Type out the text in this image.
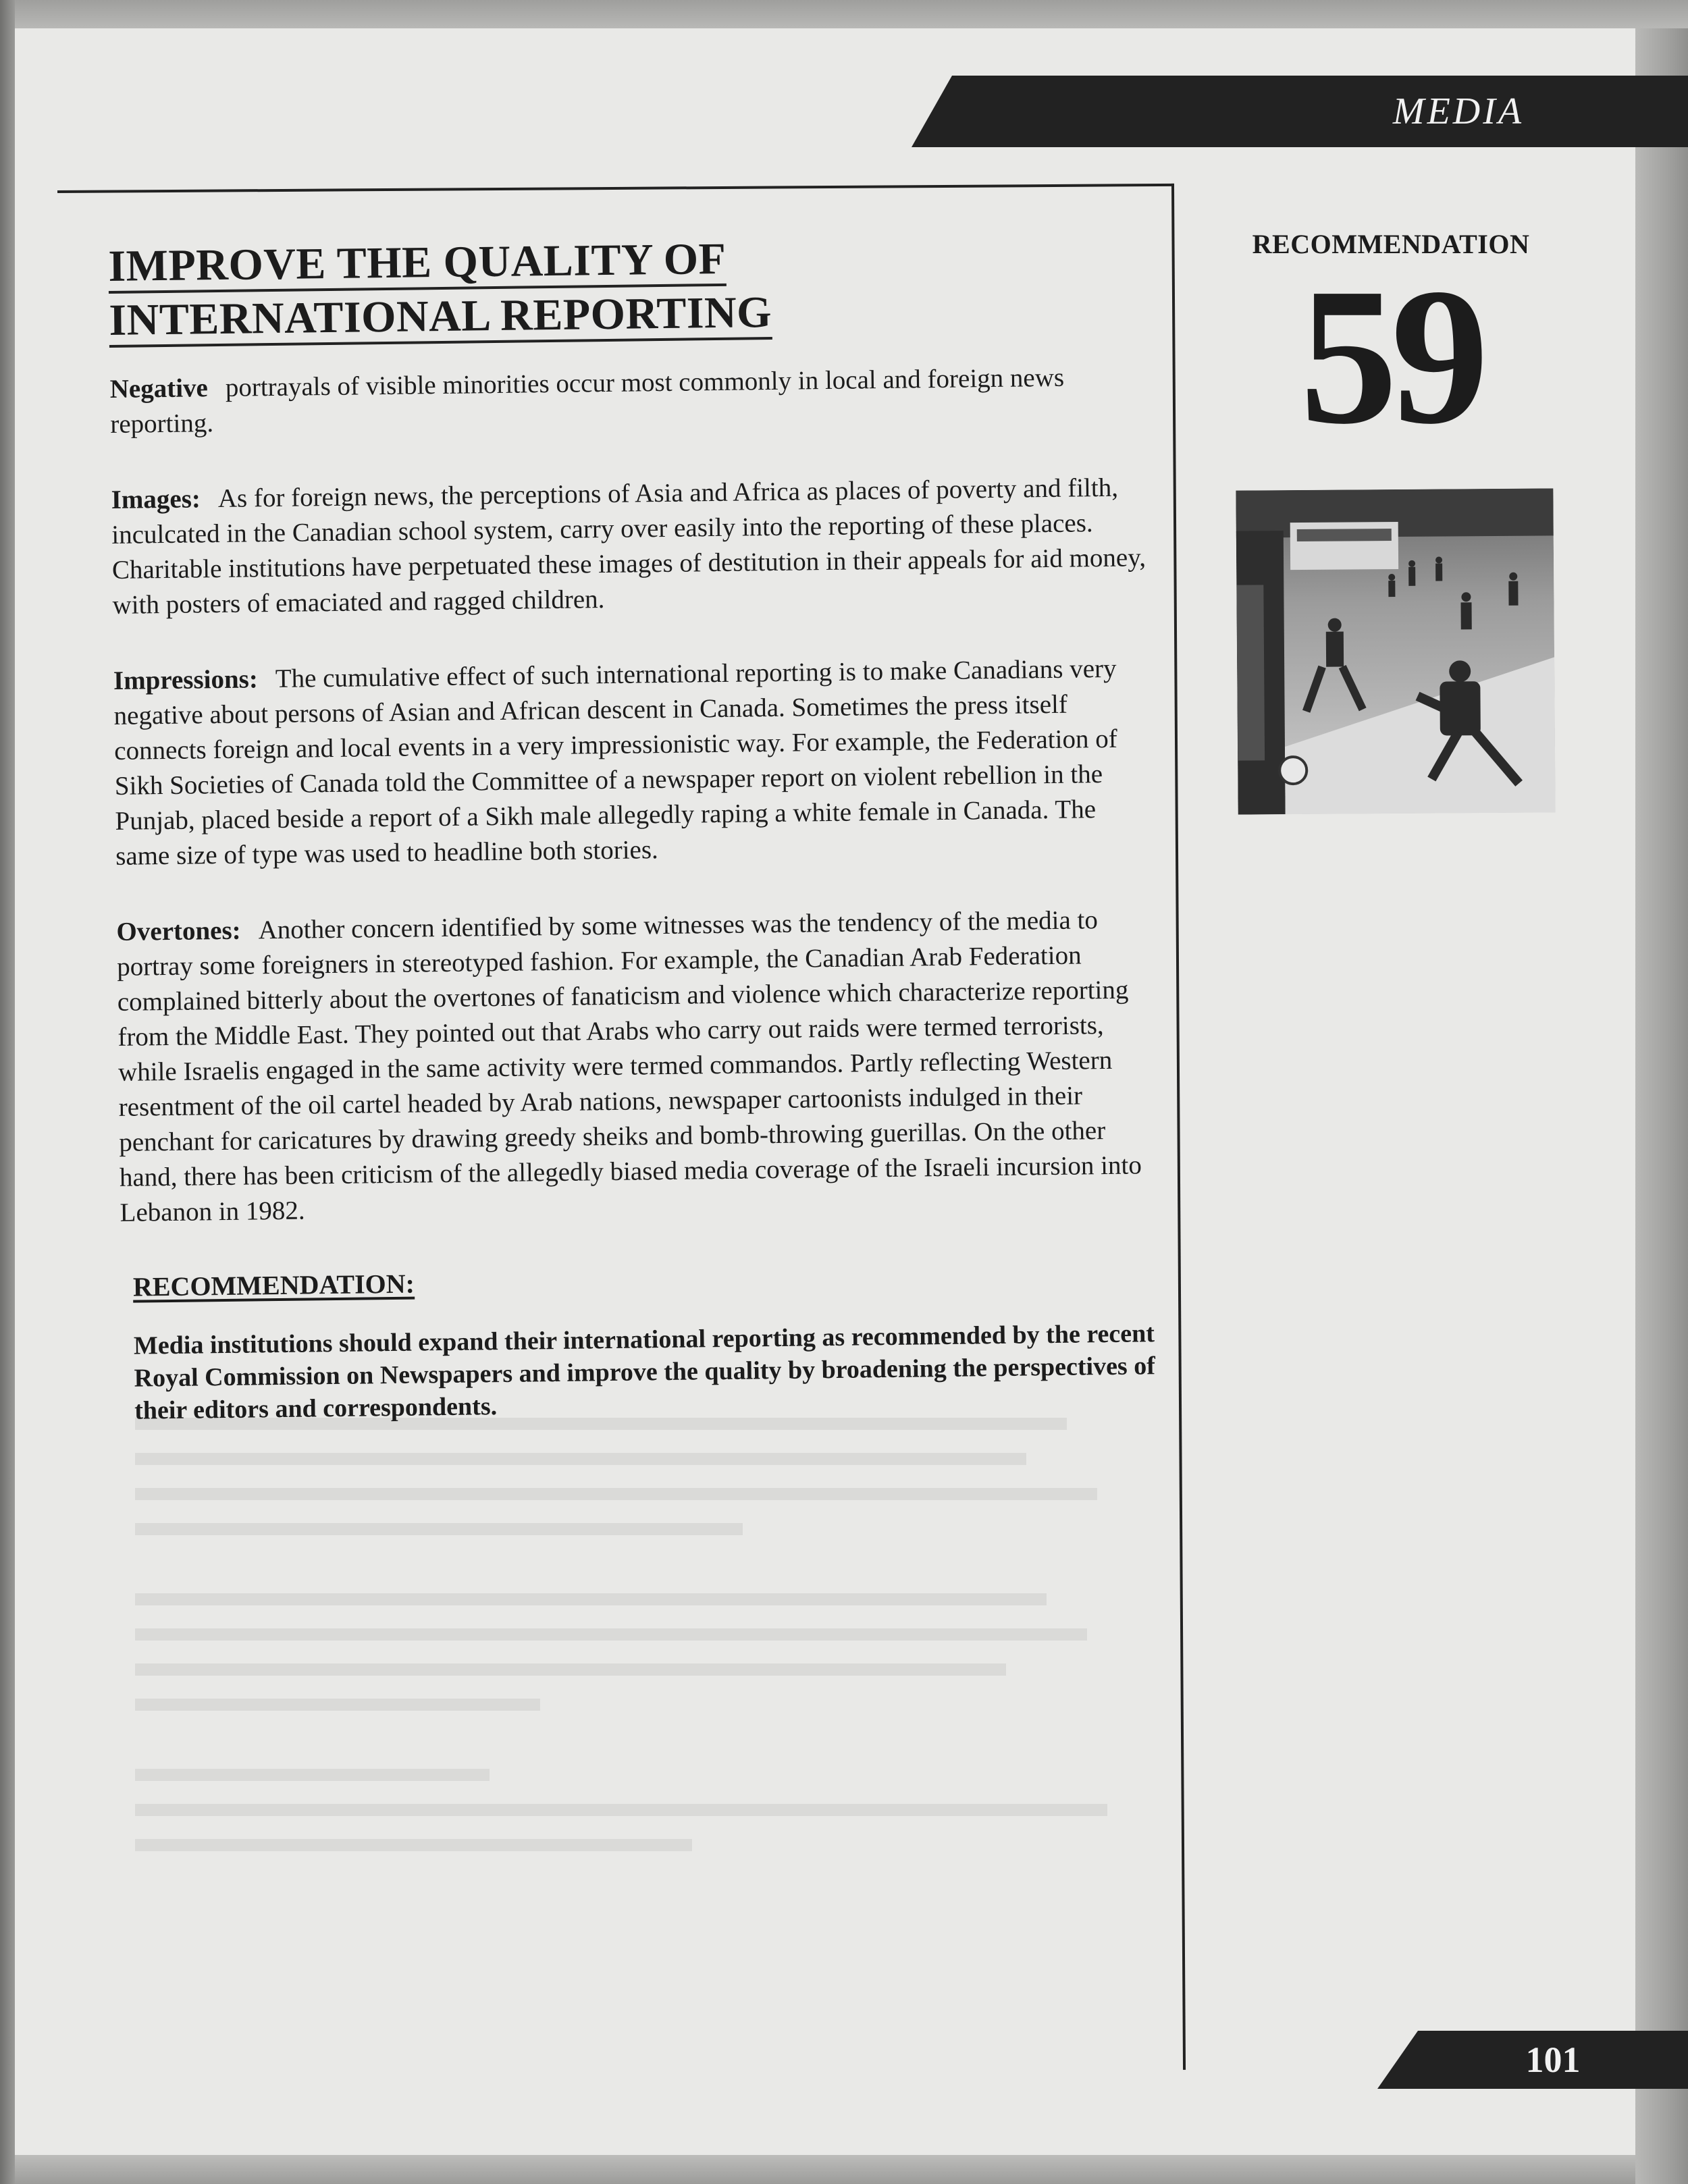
MEDIA
IMPROVE THE QUALITY OF
INTERNATIONAL REPORTING

Negative portrayals of visible minorities occur most commonly in local and foreign news reporting.

Images: As for foreign news, the perceptions of Asia and Africa as places of poverty and filth, inculcated in the Canadian school system, carry over easily into the reporting of these places. Charitable institutions have perpetuated these images of destitution in their appeals for aid money, with posters of emaciated and ragged children.

Impressions: The cumulative effect of such international reporting is to make Canadians very negative about persons of Asian and African descent in Canada. Sometimes the press itself connects foreign and local events in a very impressionistic way. For example, the Federation of Sikh Societies of Canada told the Committee of a newspaper report on violent rebellion in the Punjab, placed beside a report of a Sikh male allegedly raping a white female in Canada. The same size of type was used to headline both stories.

Overtones: Another concern identified by some witnesses was the tendency of the media to portray some foreigners in stereotyped fashion. For example, the Canadian Arab Federation complained bitterly about the overtones of fanaticism and violence which characterize reporting from the Middle East. They pointed out that Arabs who carry out raids were termed terrorists, while Israelis engaged in the same activity were termed commandos. Partly reflecting Western resentment of the oil cartel headed by Arab nations, newspaper cartoonists indulged in their penchant for caricatures by drawing greedy sheiks and bomb-throwing guerillas. On the other hand, there has been criticism of the allegedly biased media coverage of the Israeli incursion into Lebanon in 1982.

RECOMMENDATION:

Media institutions should expand their international reporting as recommended by the recent Royal Commission on Newspapers and improve the quality by broadening the perspectives of their editors and correspondents.

RECOMMENDATION
59
101
